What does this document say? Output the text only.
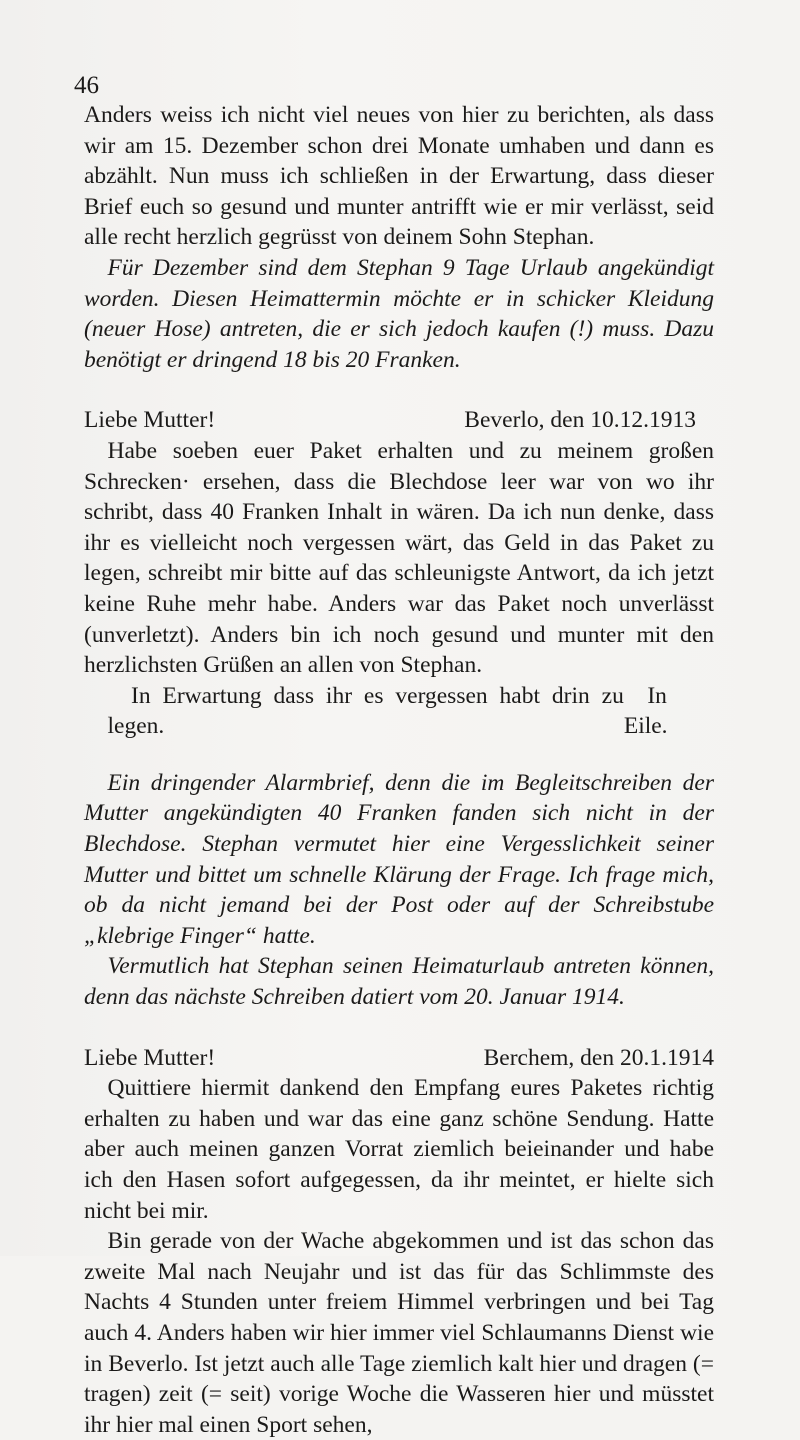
46

Anders weiss ich nicht viel neues von hier zu berichten, als dass wir am 15. Dezember schon drei Monate umhaben und dann es abzählt. Nun muss ich schließen in der Erwartung, dass dieser Brief euch so gesund und munter antrifft wie er mir verlässt, seid alle recht herzlich gegrüsst von deinem Sohn Stephan.

Für Dezember sind dem Stephan 9 Tage Urlaub angekündigt worden. Diesen Heimattermin möchte er in schicker Kleidung (neuer Hose) antreten, die er sich jedoch kaufen (!) muss. Dazu benötigt er dringend 18 bis 20 Franken.

Liebe Mutter!	Beverlo, den 10.12.1913

Habe soeben euer Paket erhalten und zu meinem großen Schrecken· ersehen, dass die Blechdose leer war von wo ihr schribt, dass 40 Franken Inhalt in wären. Da ich nun denke, dass ihr es vielleicht noch vergessen wärt, das Geld in das Paket zu legen, schreibt mir bitte auf das schleunigste Antwort, da ich jetzt keine Ruhe mehr habe. Anders war das Paket noch unverlässt (unverletzt). Anders bin ich noch gesund und munter mit den herzlichsten Grüßen an allen von Stephan.

In Erwartung dass ihr es vergessen habt drin zu legen.
In Eile.

Ein dringender Alarmbrief, denn die im Begleitschreiben der Mutter angekündigten 40 Franken fanden sich nicht in der Blechdose. Stephan vermutet hier eine Vergesslichkeit seiner Mutter und bittet um schnelle Klärung der Frage. Ich frage mich, ob da nicht jemand bei der Post oder auf der Schreibstube „klebrige Finger“ hatte.

Vermutlich hat Stephan seinen Heimaturlaub antreten können, denn das nächste Schreiben datiert vom 20. Januar 1914.

Liebe Mutter!	Berchem, den 20.1.1914

Quittiere hiermit dankend den Empfang eures Paketes richtig erhalten zu haben und war das eine ganz schöne Sendung. Hatte aber auch meinen ganzen Vorrat ziemlich beieinander und habe ich den Hasen sofort aufgegessen, da ihr meintet, er hielte sich nicht bei mir.

Bin gerade von der Wache abgekommen und ist das schon das zweite Mal nach Neujahr und ist das für das Schlimmste des Nachts 4 Stunden unter freiem Himmel verbringen und bei Tag auch 4. Anders haben wir hier immer viel Schlaumanns Dienst wie in Beverlo. Ist jetzt auch alle Tage ziemlich kalt hier und dragen (= tragen) zeit (= seit) vorige Woche die Wasseren hier und müsstet ihr hier mal einen Sport sehen,
